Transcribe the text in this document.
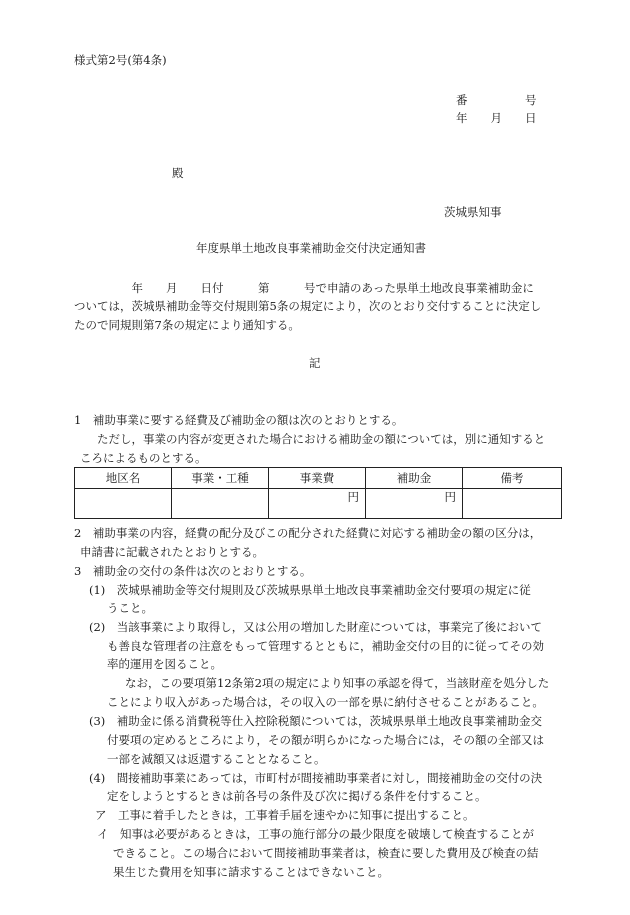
様式第2号(第4条)
番　　　　　号
年　　月　　日
殿
茨城県知事
年度県単土地改良事業補助金交付決定通知書
　　　　　年　　月　　日付　　　第　　　号で申請のあった県単土地改良事業補助金に
ついては，茨城県補助金等交付規則第5条の規定により，次のとおり交付することに決定し
たので同規則第7条の規定により通知する。
記
1　補助事業に要する経費及び補助金の額は次のとおりとする。
ただし，事業の内容が変更された場合における補助金の額については，別に通知すると
ころによるものとする。
地区名	事業・工種	事業費	補助金	備考
		円	円	
2　補助事業の内容，経費の配分及びこの配分された経費に対応する補助金の額の区分は，
申請書に記載されたとおりとする。
3　補助金の交付の条件は次のとおりとする。
(1)　茨城県補助金等交付規則及び茨城県県単土地改良事業補助金交付要項の規定に従
うこと。
(2)　当該事業により取得し，又は公用の増加した財産については，事業完了後において
も善良な管理者の注意をもって管理するとともに，補助金交付の目的に従ってその効
率的運用を図ること。
なお，この要項第12条第2項の規定により知事の承認を得て，当該財産を処分した
ことにより収入があった場合は，その収入の一部を県に納付させることがあること。
(3)　補助金に係る消費税等仕入控除税額については，茨城県県単土地改良事業補助金交
付要項の定めるところにより，その額が明らかになった場合には，その額の全部又は
一部を減額又は返還することとなること。
(4)　間接補助事業にあっては，市町村が間接補助事業者に対し，間接補助金の交付の決
定をしようとするときは前各号の条件及び次に掲げる条件を付すること。
ア　工事に着手したときは，工事着手届を速やかに知事に提出すること。
イ　知事は必要があるときは，工事の施行部分の最少限度を破壊して検査することが
できること。この場合において間接補助事業者は，検査に要した費用及び検査の結
果生じた費用を知事に請求することはできないこと。
